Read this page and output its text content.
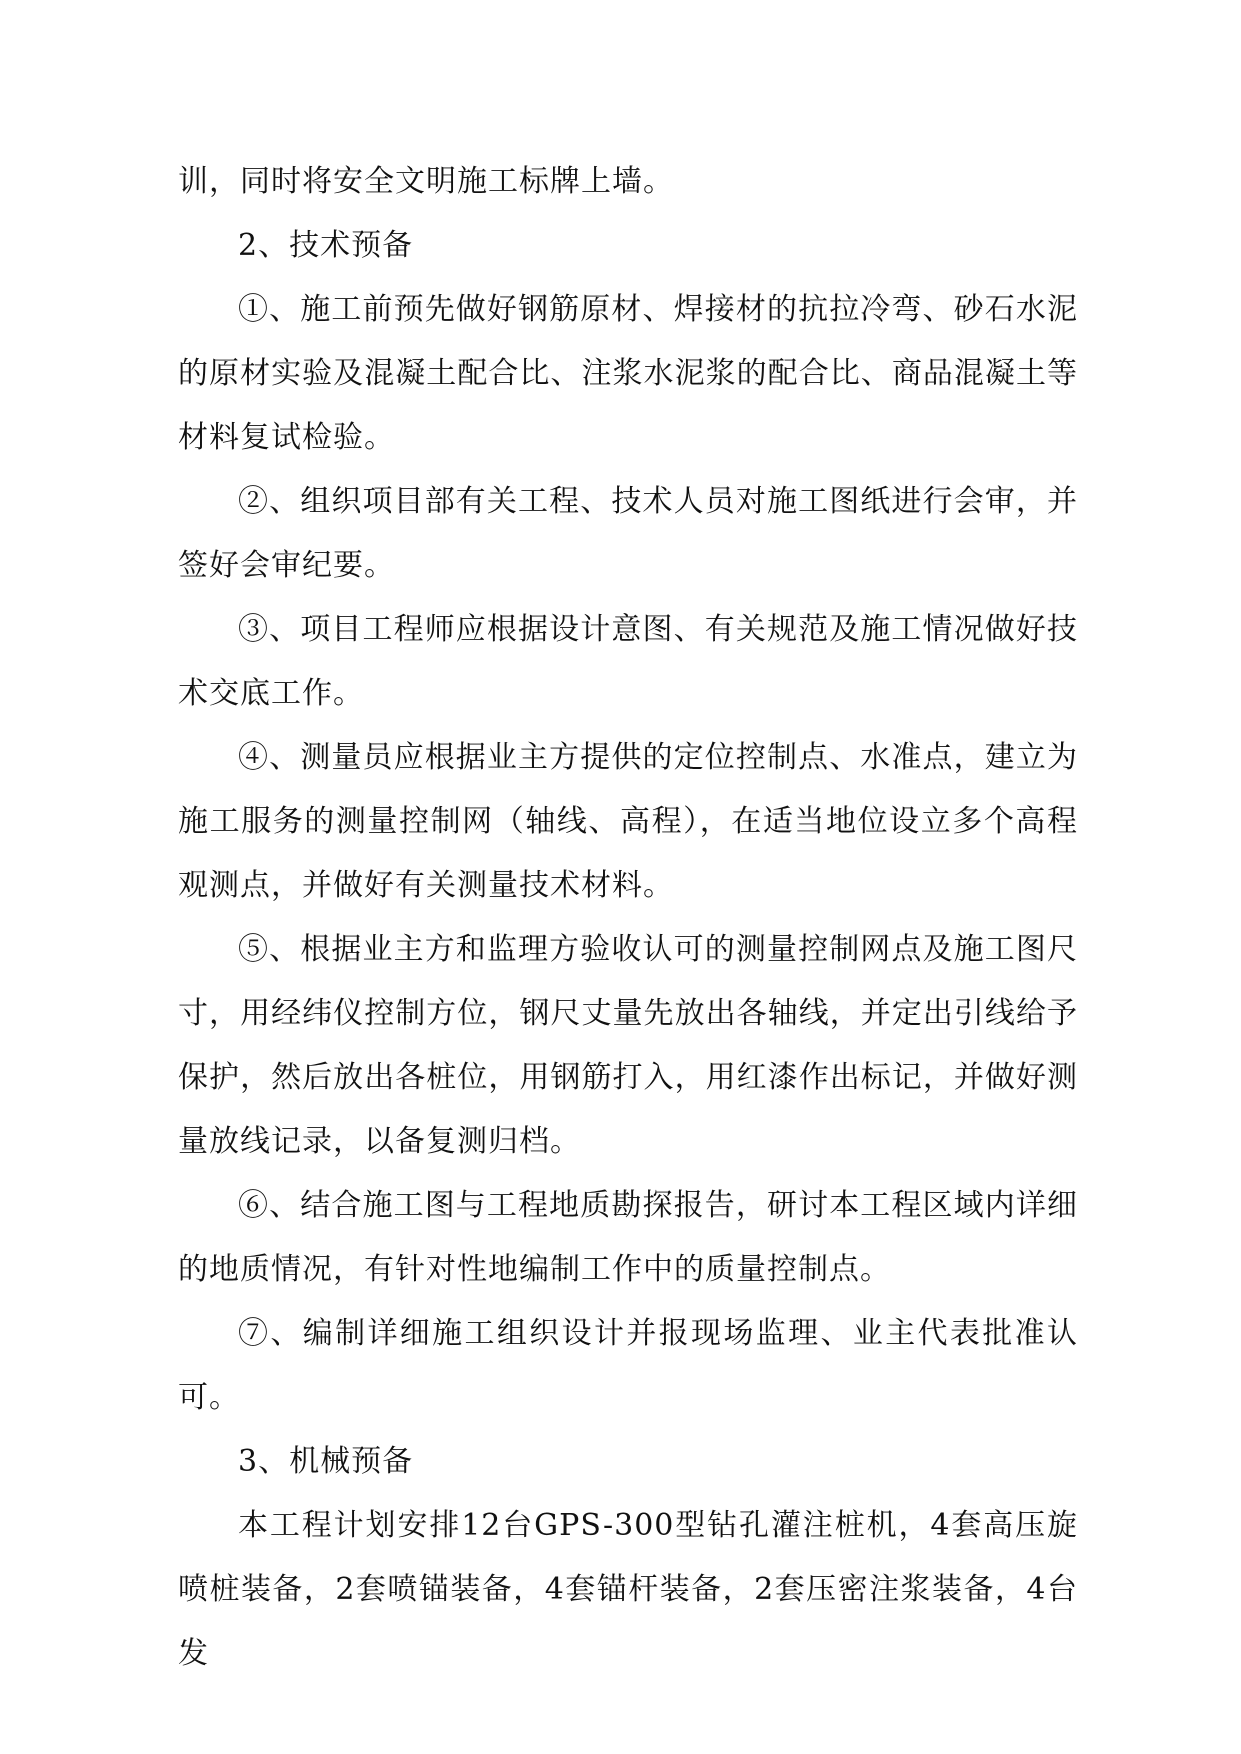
训，同时将安全文明施工标牌上墙。

2、技术预备

①、施工前预先做好钢筋原材、焊接材的抗拉冷弯、砂石水泥的原材实验及混凝土配合比、注浆水泥浆的配合比、商品混凝土等材料复试检验。

②、组织项目部有关工程、技术人员对施工图纸进行会审，并签好会审纪要。

③、项目工程师应根据设计意图、有关规范及施工情况做好技术交底工作。

④、测量员应根据业主方提供的定位控制点、水准点，建立为施工服务的测量控制网（轴线、高程），在适当地位设立多个高程观测点，并做好有关测量技术材料。

⑤、根据业主方和监理方验收认可的测量控制网点及施工图尺寸，用经纬仪控制方位，钢尺丈量先放出各轴线，并定出引线给予保护，然后放出各桩位，用钢筋打入，用红漆作出标记，并做好测量放线记录，以备复测归档。

⑥、结合施工图与工程地质勘探报告，研讨本工程区域内详细的地质情况，有针对性地编制工作中的质量控制点。

⑦、编制详细施工组织设计并报现场监理、业主代表批准认可。

3、机械预备

本工程计划安排12台GPS-300型钻孔灌注桩机，4套高压旋喷桩装备，2套喷锚装备，4套锚杆装备，2套压密注浆装备，4台发
